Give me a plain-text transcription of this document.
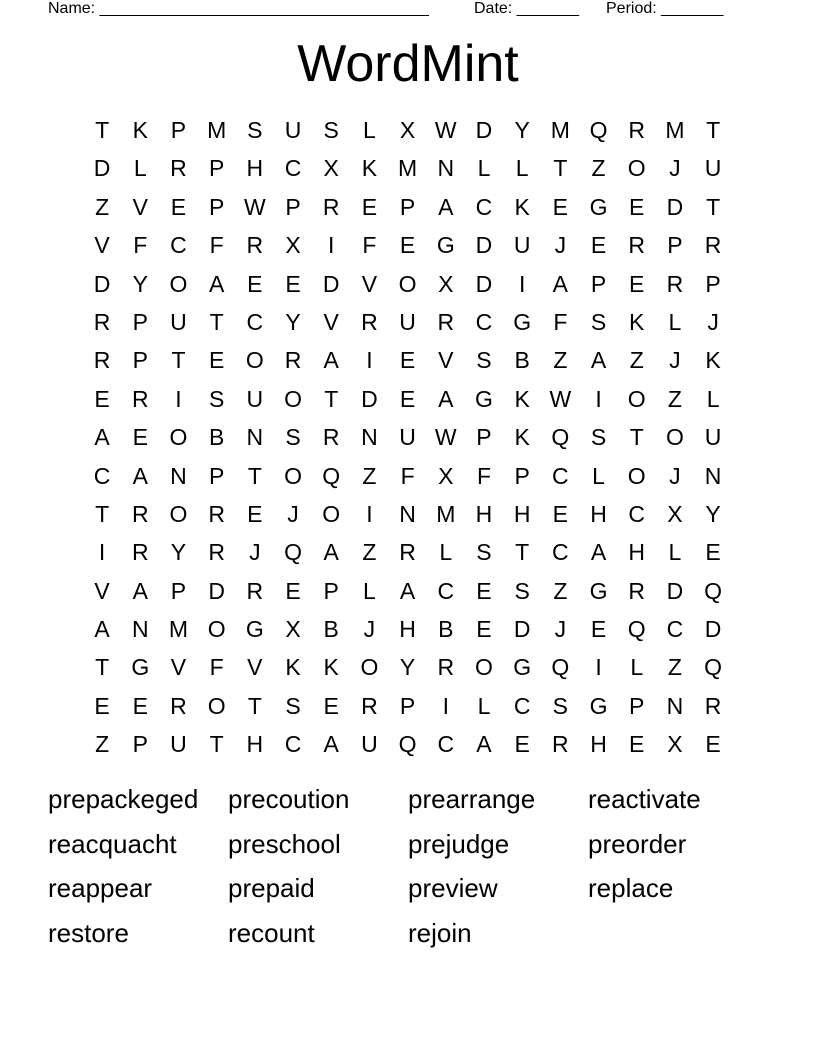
Name: _____________________________________	Date: _______ Period: _______
WordMint
T	K P M S U S	L	X W D Y M Q R M T
D	L	R P H C X K M N	L	L	T	Z O	J	U
Z	V E P W P R E P A C K E G E D T
V	F C F R X	I	F	E G D U	J	E R P R
D Y O A E E D V O X D	I	A P E R P
R P U T C Y V R U R C G F	S K	L	J
R P	T	E O R A	I	E V S B	Z	A	Z	J	K
E R	I	S U O T D E A G K W	I	O Z	L
A E O B N S R N U W P K Q S	T O U
C A N P	T O Q Z	F	X	F	P C	L O	J	N
T R O R E	J	O	I	N M H H E H C X Y
I	R Y R	J	Q A	Z R	L	S	T C A H	L	E
V A P D R E P	L	A C E S	Z G R D Q
A N M O G X B	J	H B E D	J	E Q C D
T G V	F	V K K O Y R O G Q	I	L	Z Q
E E R O T	S E R P	I	L	C S G P N R
Z	P U T H C A U Q C A E R H E X E
prepackeged	precoution	prearrange	reactivate
reacquacht	preschool	prejudge	preorder
reappear	prepaid	preview	replace
restore	recount	rejoin
